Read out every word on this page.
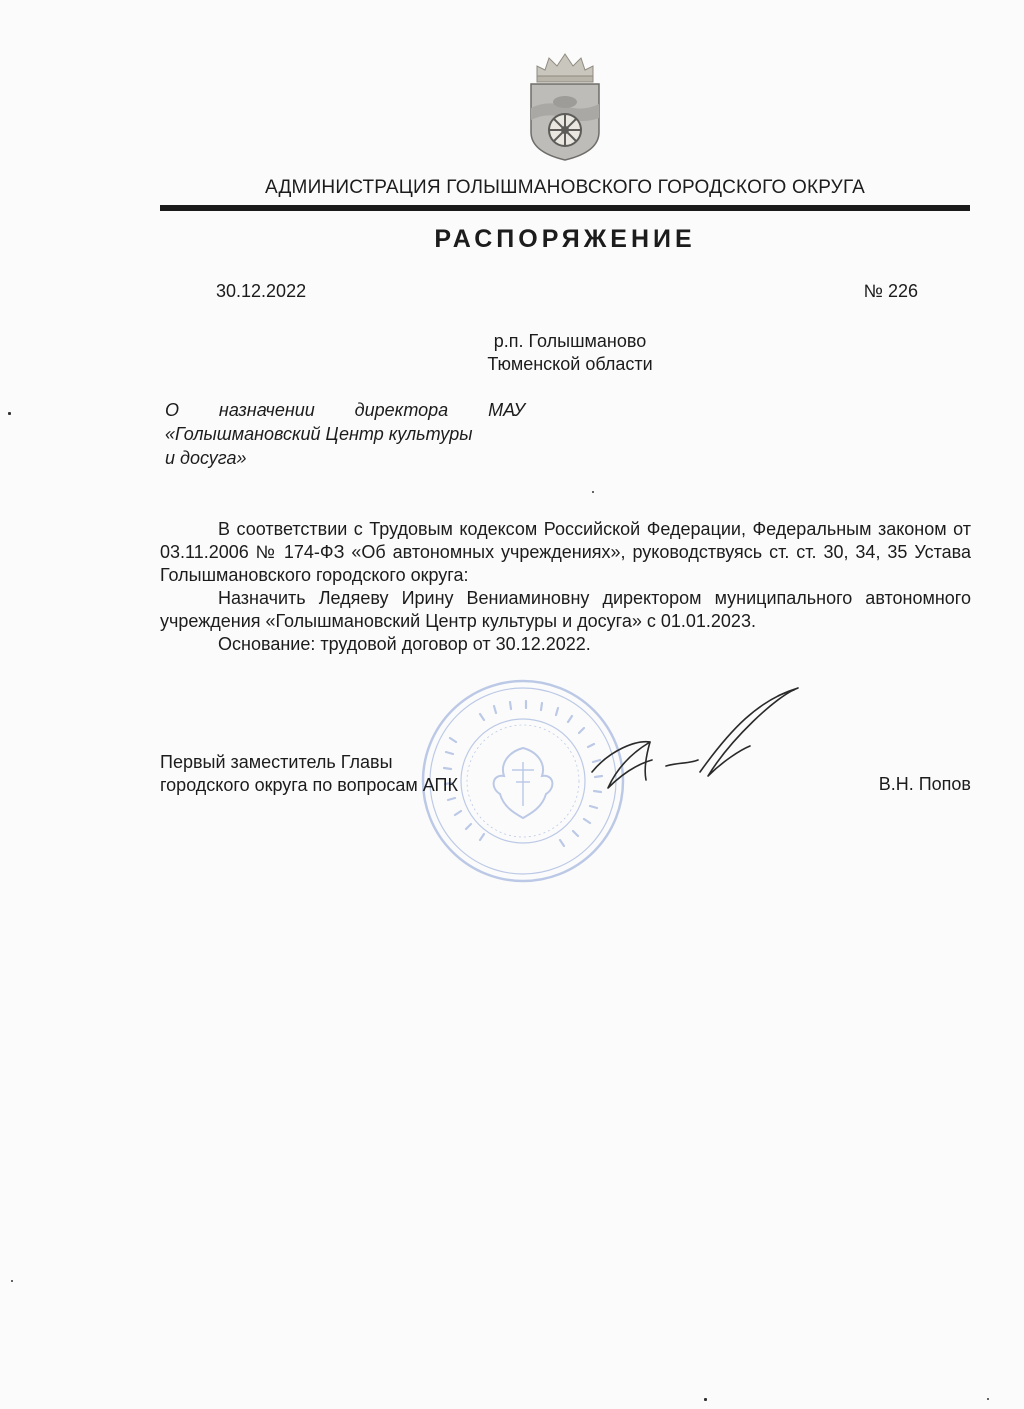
АДМИНИСТРАЦИЯ ГОЛЫШМАНОВСКОГО ГОРОДСКОГО ОКРУГА
РАСПОРЯЖЕНИЕ
30.12.2022	№ 226
р.п. Голышманово
Тюменской области
О назначении директора МАУ
«Голышмановский Центр культуры
и досуга»

В соответствии с Трудовым кодексом Российской Федерации, Федеральным законом от 03.11.2006 № 174-ФЗ «Об автономных учреждениях», руководствуясь ст. ст. 30, 34, 35 Устава Голышмановского городского округа:

Назначить Ледяеву Ирину Вениаминовну директором муниципального автономного учреждения «Голышмановский Центр культуры и досуга» с 01.01.2023.

Основание: трудовой договор от 30.12.2022.

Первый заместитель Главы
городского округа по вопросам АПК	В.Н. Попов
